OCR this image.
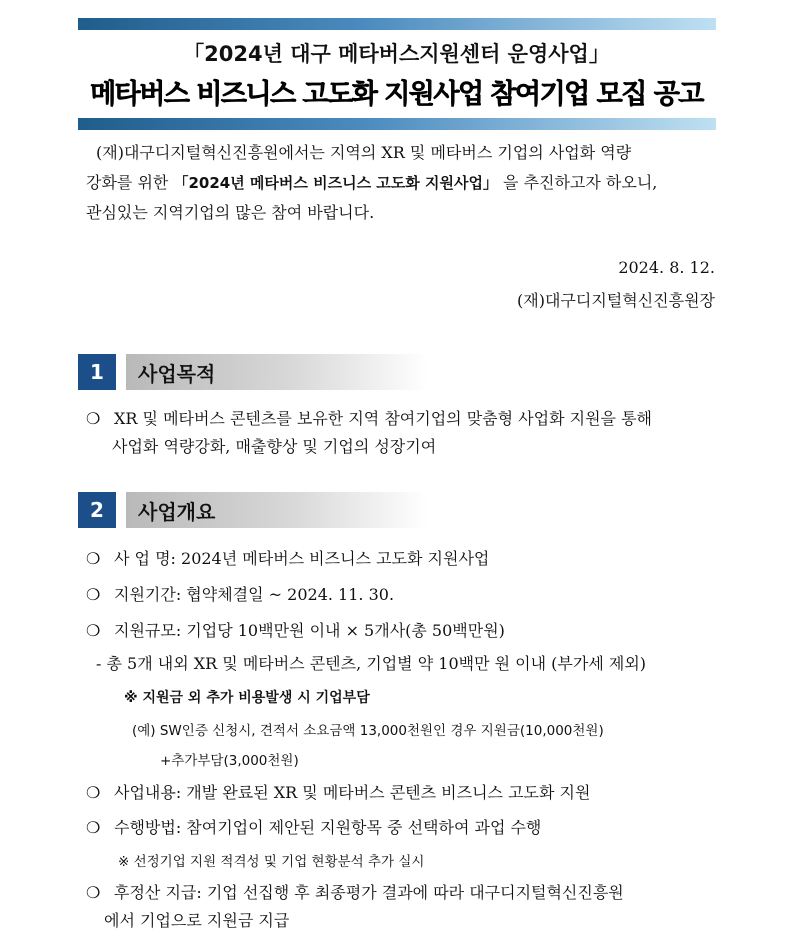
「2024년 대구 메타버스지원센터 운영사업」
메타버스 비즈니스 고도화 지원사업 참여기업 모집 공고
(재)대구디지털혁신진흥원에서는 지역의 XR 및 메타버스 기업의 사업화 역량
강화를 위한 「2024년 메타버스 비즈니스 고도화 지원사업」 을 추진하고자 하오니,
관심있는 지역기업의 많은 참여 바랍니다.
2024. 8. 12.
(재)대구디지털혁신진흥원장
1	사업목적
❍ XR 및 메타버스 콘텐츠를 보유한 지역 참여기업의 맞춤형 사업화 지원을 통해
사업화 역량강화, 매출향상 및 기업의 성장기여
2	사업개요
❍ 사 업 명: 2024년 메타버스 비즈니스 고도화 지원사업
❍ 지원기간: 협약체결일 ~ 2024. 11. 30.
❍ 지원규모: 기업당 10백만원 이내 × 5개사(총 50백만원)
- 총 5개 내외 XR 및 메타버스 콘텐츠, 기업별 약 10백만 원 이내 (부가세 제외)
※ 지원금 외 추가 비용발생 시 기업부담
(예) SW인증 신청시, 견적서 소요금액 13,000천원인 경우 지원금(10,000천원)
+추가부담(3,000천원)
❍ 사업내용: 개발 완료된 XR 및 메타버스 콘텐츠 비즈니스 고도화 지원
❍ 수행방법: 참여기업이 제안된 지원항목 중 선택하여 과업 수행
※ 선정기업 지원 적격성 및 기업 현황분석 추가 실시
❍ 후정산 지급: 기업 선집행 후 최종평가 결과에 따라 대구디지털혁신진흥원
에서 기업으로 지원금 지급
